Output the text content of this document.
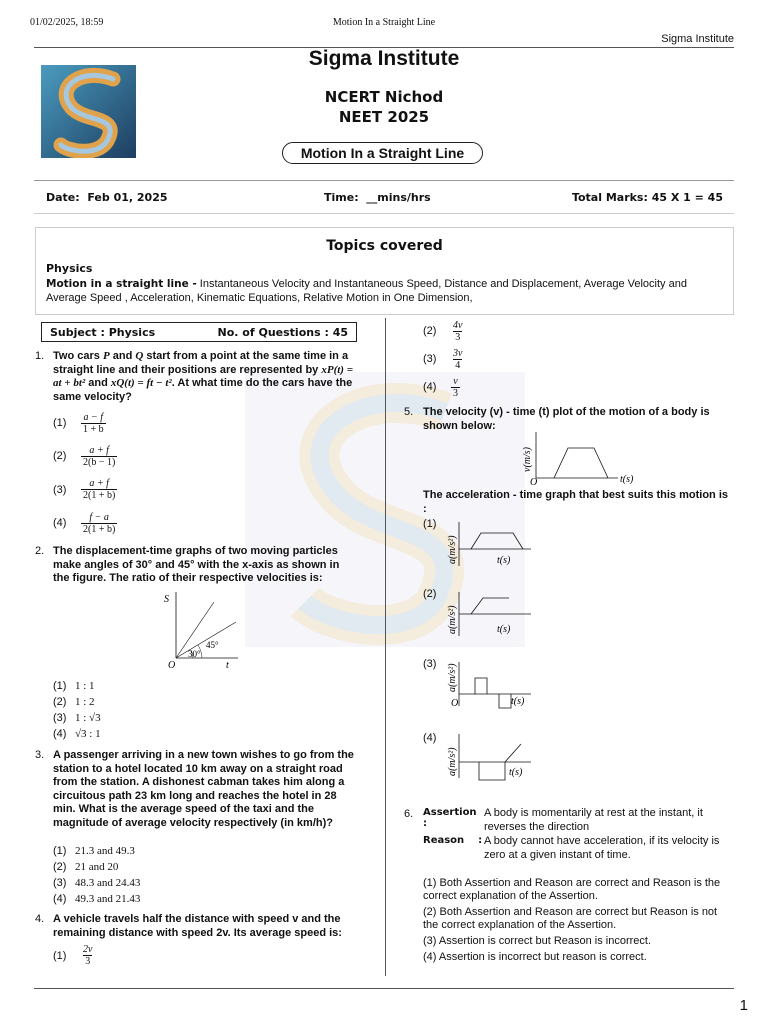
01/02/2025, 18:59	Motion In a Straight Line
Sigma Institute
Sigma Institute
NCERT Nichod
NEET 2025
Motion In a Straight Line
Date: Feb 01, 2025	Time: __mins/hrs	Total Marks: 45 X 1 = 45
Topics covered
Physics
Motion in a straight line - Instantaneous Velocity and Instantaneous Speed, Distance and Displacement, Average Velocity and Average Speed , Acceleration, Kinematic Equations, Relative Motion in One Dimension,
Subject : Physics	No. of Questions : 45
1. Two cars P and Q start from a point at the same time in a straight line and their positions are represented by xP(t) = at + bt² and xQ(t) = ft − t². At what time do the cars have the same velocity?
(1)	$\frac{a - f}{1 + b}$
(2)	$\frac{a + f}{2(b - 1)}$
(3)	$\frac{a + f}{2(1 + b)}$
(4)	$\frac{f - a}{2(1 + b)}$
2. The displacement-time graphs of two moving particles make angles of 30° and 45° with the x-axis as shown in the figure. The ratio of their respective velocities is:
S
t
O
45°
30°
(1) 1 : 1
(2) 1 : 2
(3) 1 : √3
(4) √3 : 1
3. A passenger arriving in a new town wishes to go from the station to a hotel located 10 km away on a straight road from the station. A dishonest cabman takes him along a circuitous path 23 km long and reaches the hotel in 28 min. What is the average speed of the taxi and the magnitude of average velocity respectively (in km/h)?
(1) 21.3 and 49.3
(2) 21 and 20
(3) 48.3 and 24.43
(4) 49.3 and 21.43
4. A vehicle travels half the distance with speed v and the remaining distance with speed 2v. Its average speed is:
(1)	$\frac{2v}{3}$
(2)	$\frac{4v}{3}$
(3)	$\frac{3v}{4}$
(4)	$\frac{v}{3}$
5. The velocity (v) - time (t) plot of the motion of a body is shown below:
O	t(s)
v(m/s)
The acceleration - time graph that best suits this motion is :
(1)
a(m/s²)	t(s)
(2)
a(m/s²)	t(s)
(3) a(m/s²)
O	t(s)
(4)
a(m/s²)	t(s)
6. Assertion :
A body is momentarily at rest at the instant, it reverses the direction
Reason : A body cannot have acceleration, if its velocity is zero at a given instant of time.
(1) Both Assertion and Reason are correct and Reason is the correct explanation of the Assertion.
(2) Both Assertion and Reason are correct but Reason is not the correct explanation of the Assertion.
(3) Assertion is correct but Reason is incorrect.
(4) Assertion is incorrect but reason is correct.
1
